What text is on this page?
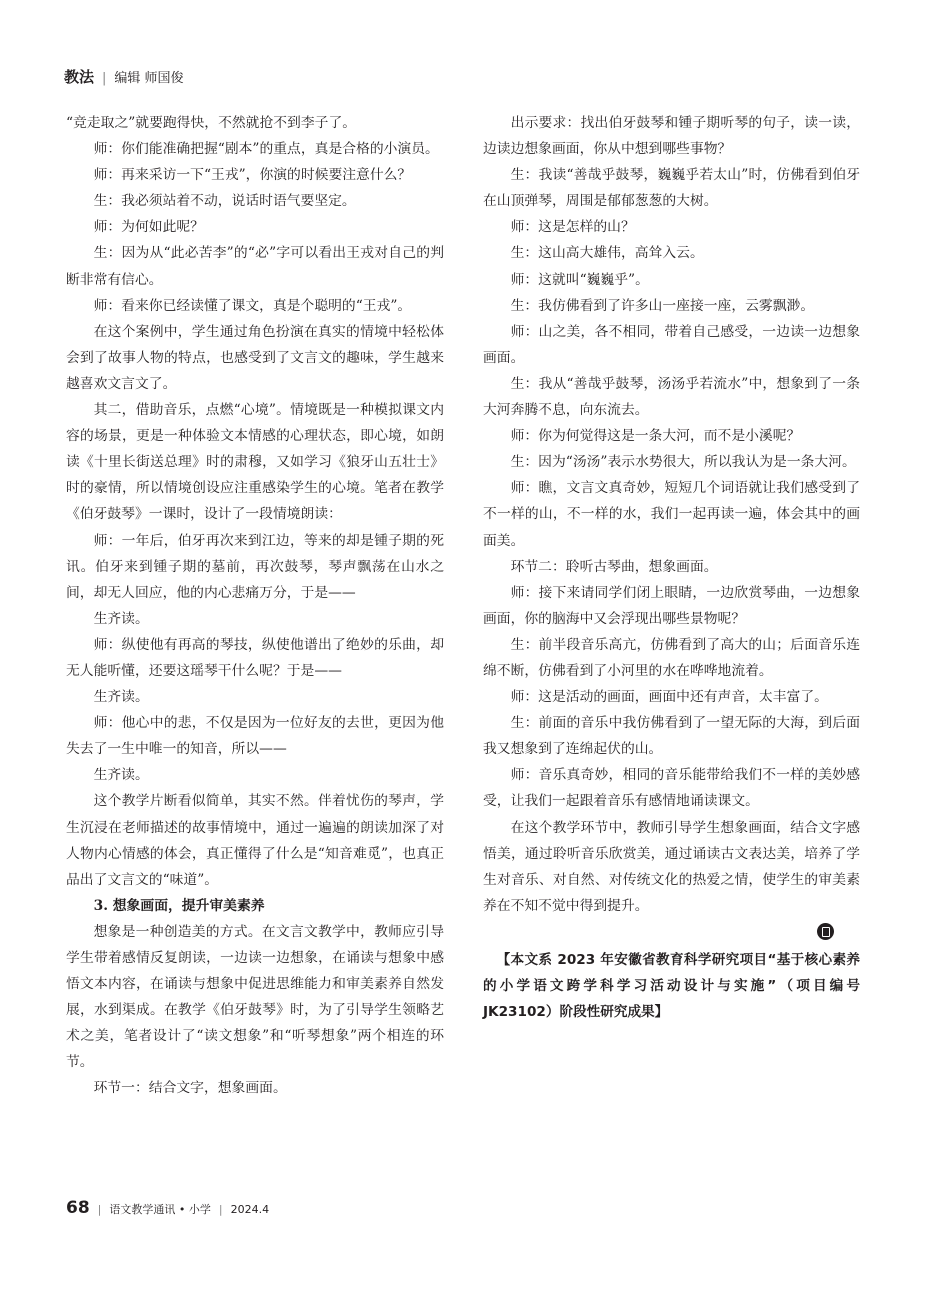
教法 | 编辑 师国俊

“竞走取之”就要跑得快，不然就抢不到李子了。

师：你们能准确把握“剧本”的重点，真是合格的小演员。

师：再来采访一下“王戎”，你演的时候要注意什么？

生：我必须站着不动，说话时语气要坚定。

师：为何如此呢？

生：因为从“此必苦李”的“必”字可以看出王戎对自己的判断非常有信心。

师：看来你已经读懂了课文，真是个聪明的“王戎”。

在这个案例中，学生通过角色扮演在真实的情境中轻松体会到了故事人物的特点，也感受到了文言文的趣味，学生越来越喜欢文言文了。

其二，借助音乐，点燃“心境”。情境既是一种模拟课文内容的场景，更是一种体验文本情感的心理状态，即心境，如朗读《十里长街送总理》时的肃穆，又如学习《狼牙山五壮士》时的豪情，所以情境创设应注重感染学生的心境。笔者在教学《伯牙鼓琴》一课时，设计了一段情境朗读：

师：一年后，伯牙再次来到江边，等来的却是锺子期的死讯。伯牙来到锺子期的墓前，再次鼓琴，琴声飘荡在山水之间，却无人回应，他的内心悲痛万分，于是——

生齐读。

师：纵使他有再高的琴技，纵使他谱出了绝妙的乐曲，却无人能听懂，还要这瑶琴干什么呢？于是——

生齐读。

师：他心中的悲，不仅是因为一位好友的去世，更因为他失去了一生中唯一的知音，所以——

生齐读。

这个教学片断看似简单，其实不然。伴着忧伤的琴声，学生沉浸在老师描述的故事情境中，通过一遍遍的朗读加深了对人物内心情感的体会，真正懂得了什么是“知音难觅”，也真正品出了文言文的“味道”。

3. 想象画面，提升审美素养

想象是一种创造美的方式。在文言文教学中，教师应引导学生带着感情反复朗读，一边读一边想象，在诵读与想象中感悟文本内容，在诵读与想象中促进思维能力和审美素养自然发展，水到渠成。在教学《伯牙鼓琴》时，为了引导学生领略艺术之美，笔者设计了“读文想象”和“听琴想象”两个相连的环节。

环节一：结合文字，想象画面。

出示要求：找出伯牙鼓琴和锺子期听琴的句子，读一读，边读边想象画面，你从中想到哪些事物？

生：我读“善哉乎鼓琴，巍巍乎若太山”时，仿佛看到伯牙在山顶弹琴，周围是郁郁葱葱的大树。

师：这是怎样的山？

生：这山高大雄伟，高耸入云。

师：这就叫“巍巍乎”。

生：我仿佛看到了许多山一座接一座，云雾飘渺。

师：山之美，各不相同，带着自己感受，一边读一边想象画面。

生：我从“善哉乎鼓琴，汤汤乎若流水”中，想象到了一条大河奔腾不息，向东流去。

师：你为何觉得这是一条大河，而不是小溪呢？

生：因为“汤汤”表示水势很大，所以我认为是一条大河。

师：瞧，文言文真奇妙，短短几个词语就让我们感受到了不一样的山，不一样的水，我们一起再读一遍，体会其中的画面美。

环节二：聆听古琴曲，想象画面。

师：接下来请同学们闭上眼睛，一边欣赏琴曲，一边想象画面，你的脑海中又会浮现出哪些景物呢？

生：前半段音乐高亢，仿佛看到了高大的山；后面音乐连绵不断，仿佛看到了小河里的水在哗哗地流着。

师：这是活动的画面，画面中还有声音，太丰富了。

生：前面的音乐中我仿佛看到了一望无际的大海，到后面我又想象到了连绵起伏的山。

师：音乐真奇妙，相同的音乐能带给我们不一样的美妙感受，让我们一起跟着音乐有感情地诵读课文。

在这个教学环节中，教师引导学生想象画面，结合文字感悟美，通过聆听音乐欣赏美，通过诵读古文表达美，培养了学生对音乐、对自然、对传统文化的热爱之情，使学生的审美素养在不知不觉中得到提升。

【本文系 2023 年安徽省教育科学研究项目“基于核心素养的小学语文跨学科学习活动设计与实施”（项目编号 JK23102）阶段性研究成果】

68 | 语文教学通讯 • 小学 | 2024.4
